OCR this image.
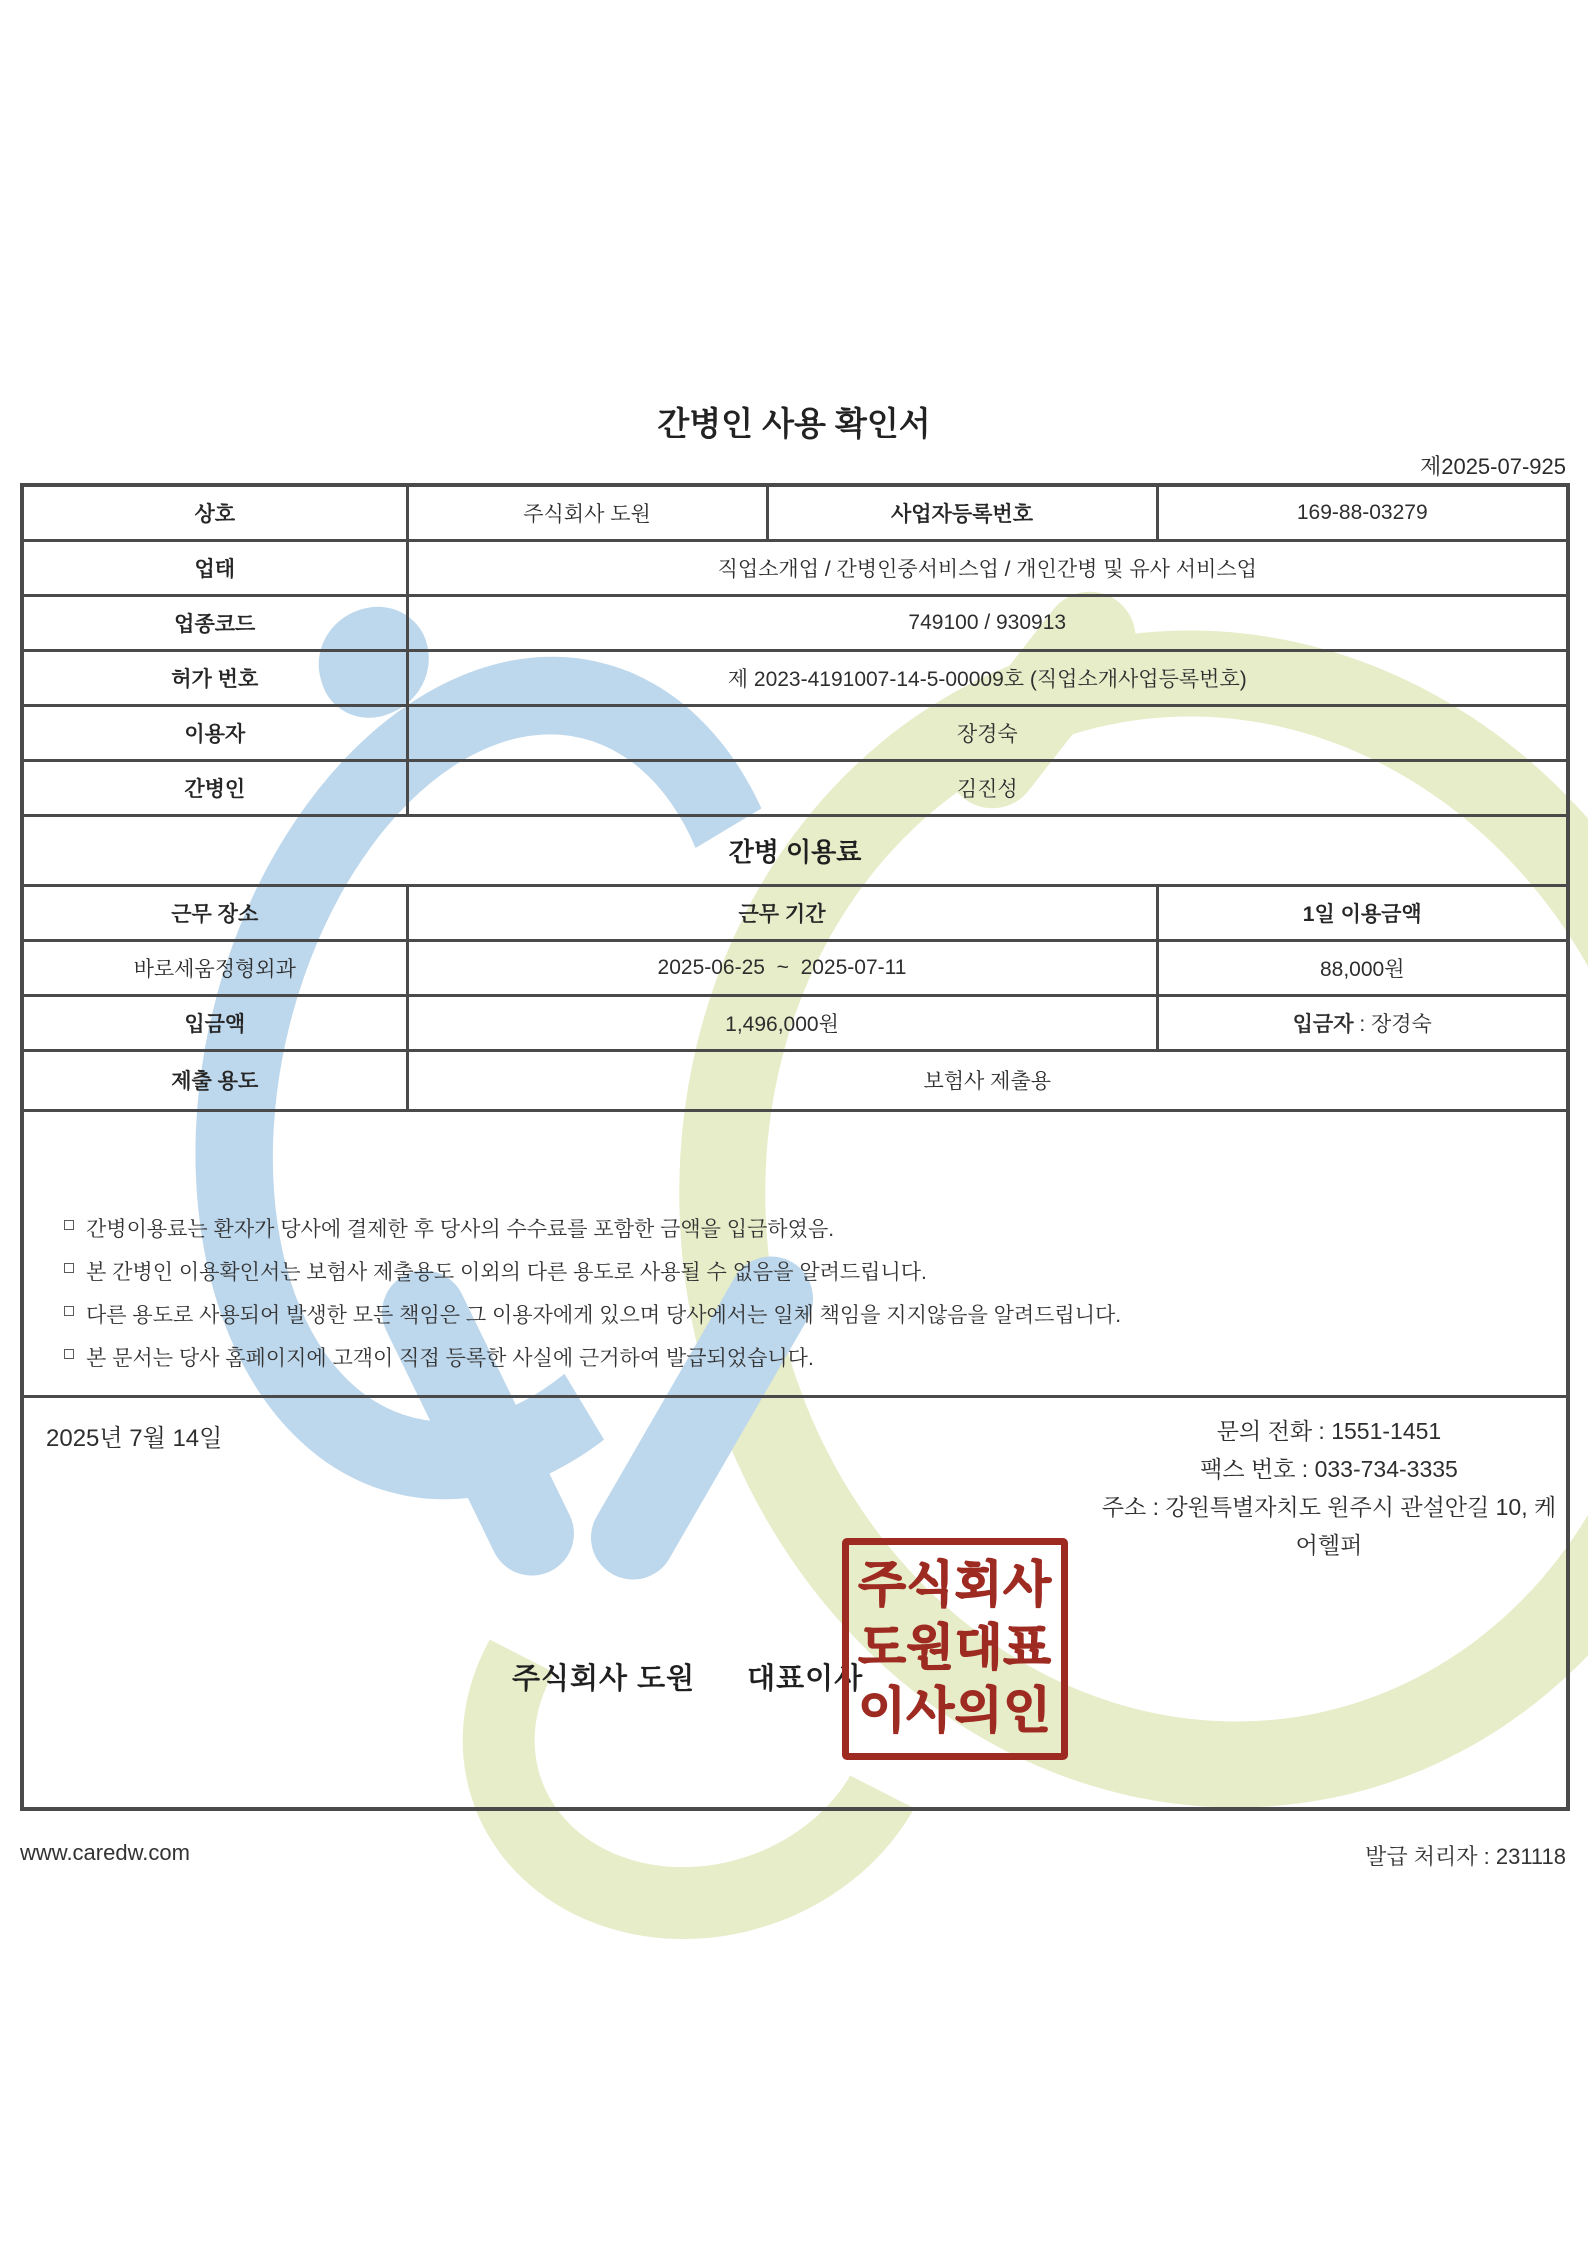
간병인 사용 확인서
제2025-07-925
상호	주식회사 도원	사업자등록번호	169-88-03279
업태	직업소개업 / 간병인중서비스업 / 개인간병 및 유사 서비스업		
업종코드	749100 / 930913		
허가 번호	제 2023-4191007-14-5-00009호 (직업소개사업등록번호)		
이용자	장경숙		
간병인	김진성		
간병 이용료			
근무 장소	근무 기간		1일 이용금액
바로세움정형외과	2025-06-25  ~  2025-07-11		88,000원
입금액	1,496,000원		입금자 : 장경숙
제출 용도	보험사 제출용		

간병이용료는 환자가 당사에 결제한 후 당사의 수수료를 포함한 금액을 입금하였음.
본 간병인 이용확인서는 보험사 제출용도 이외의 다른 용도로 사용될 수 없음을 알려드립니다.
다른 용도로 사용되어 발생한 모든 책임은 그 이용자에게 있으며 당사에서는 일체 책임을 지지않음을 알려드립니다.
본 문서는 당사 홈페이지에 고객이 직접 등록한 사실에 근거하여 발급되었습니다.			

2025년 7월 14일	문의 전화 : 1551-1451
팩스 번호 : 033-734-3335
주소 : 강원특별자치도 원주시 관설안길 10, 케어헬퍼
주식회사 도원 대표이사
주식회사
도원대표
이사의인
www.caredw.com	발급 처리자 : 231118
